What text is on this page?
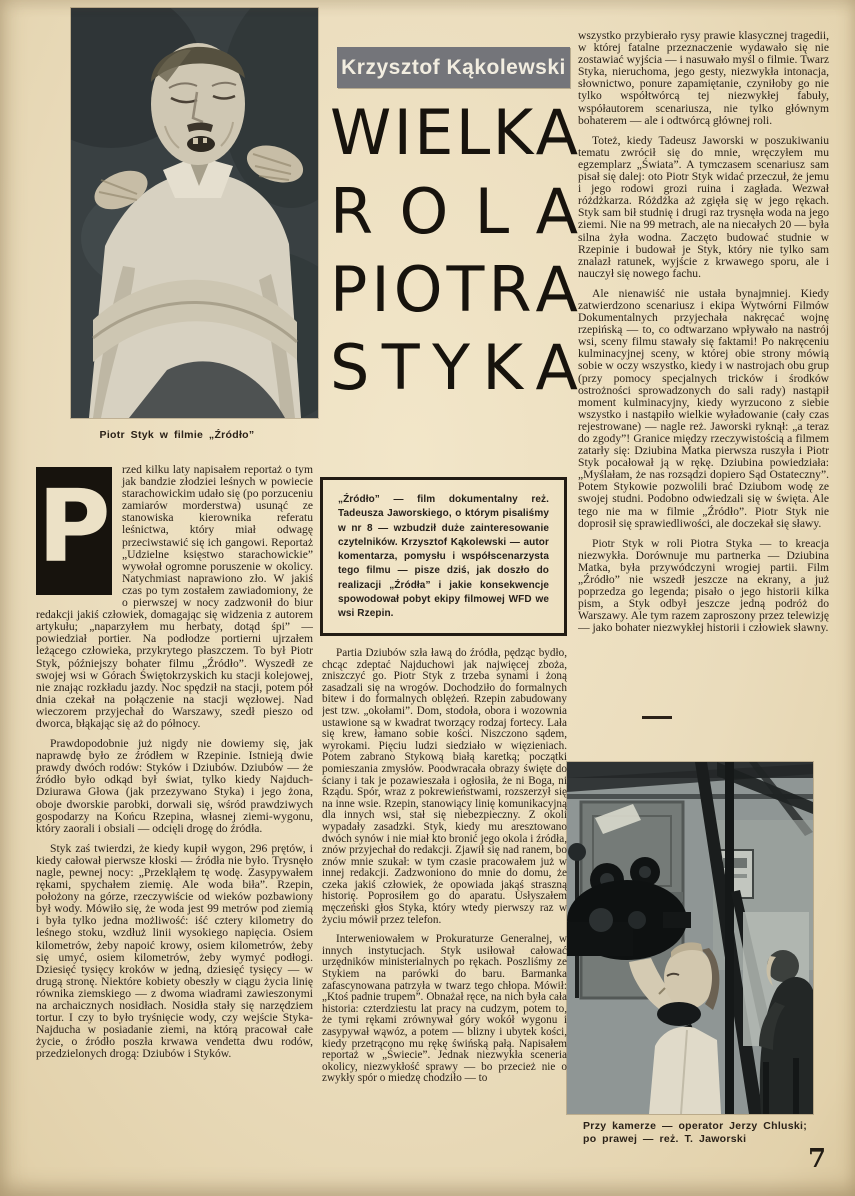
Piotr Styk w filmie „Źródło”
Krzysztof Kąkolewski
W I E L K A
R O L A
P I O T R A
S T Y K A

P rzed kilku laty napisałem reportaż o tym jak bandzie złodziei leśnych w powiecie starachowickim udało się (po porzuceniu zamiarów morderstwa) usunąć ze stanowiska kierownika referatu leśnictwa, który miał odwagę przeciwstawić się ich gangowi. Reportaż „Udzielne księstwo starachowickie” wywołał ogromne poruszenie w okolicy. Natychmiast naprawiono zło. W jakiś czas po tym zostałem zawiadomiony, że o pierwszej w nocy zadzwonił do biur redakcji jakiś człowiek, domagając się widzenia z autorem artykułu; „naparzyłem mu herbaty, dotąd śpi” — powiedział portier. Na podłodze portierni ujrzałem leżącego człowieka, przykrytego płaszczem. To był Piotr Styk, późniejszy bohater filmu „Źródło”. Wyszedł ze swojej wsi w Górach Świętokrzyskich ku stacji kolejowej, nie znając rozkładu jazdy. Noc spędził na stacji, potem pół dnia czekał na połączenie na stacji węzłowej. Nad wieczorem przyjechał do Warszawy, szedł pieszo od dworca, błąkając się aż do północy.

Prawdopodobnie już nigdy nie dowiemy się, jak naprawdę było ze źródłem w Rzepinie. Istnieją dwie prawdy dwóch rodów: Styków i Dziubów. Dziubów — że źródło było odkąd był świat, tylko kiedy Najduch-Dziurawa Głowa (jak przezywano Styka) i jego żona, oboje dworskie parobki, dorwali się, wśród prawdziwych gospodarzy na Końcu Rzepina, własnej ziemi-wygonu, który zaorali i obsiali — odcięli drogę do źródła.

Styk zaś twierdzi, że kiedy kupił wygon, 296 prętów, i kiedy całował pierwsze kłoski — źródła nie było. Trysnęło nagle, pewnej nocy: „Przekląłem tę wodę. Zasypywałem rękami, spychałem ziemię. Ale woda biła”. Rzepin, położony na górze, rzeczywiście od wieków pozbawiony był wody. Mówiło się, że woda jest 99 metrów pod ziemią i była tylko jedna możliwość: iść cztery kilometry do leśnego stoku, wzdłuż linii wysokiego napięcia. Osiem kilometrów, żeby napoić krowy, osiem kilometrów, żeby się umyć, osiem kilometrów, żeby wymyć podłogi. Dziesięć tysięcy kroków w jedną, dziesięć tysięcy — w drugą stronę. Niektóre kobiety obeszły w ciągu życia linię równika ziemskiego — z dwoma wiadrami zawieszonymi na archaicznych nosidłach. Nosidła stały się narzędziem tortur. I czy to było tryśnięcie wody, czy wejście Styka-Najducha w posiadanie ziemi, na którą pracował całe życie, o źródło poszła krwawa vendetta dwu rodów, przedzielonych drogą: Dziubów i Styków.

„Źródło” — film dokumentalny reż. Tadeusza Jaworskiego, o którym pisaliśmy w nr 8 — wzbudził duże zainteresowanie czytelników. Krzysztof Kąkolewski — autor komentarza, pomysłu i współscenarzysta tego filmu — pisze dziś, jak doszło do realizacji „Źródła” i jakie konsekwencje spowodował pobyt ekipy filmowej WFD we wsi Rzepin.

Partia Dziubów szła ławą do źródła, pędząc bydło, chcąc zdeptać Najduchowi jak najwięcej zboża, zniszczyć go. Piotr Styk z trzeba synami i żoną zasadzali się na wrogów. Dochodziło do formalnych bitew i do formalnych oblężeń. Rzepin zabudowany jest tzw. „okołami”. Dom, stodoła, obora i wozownia ustawione są w kwadrat tworzący rodzaj fortecy. Lała się krew, łamano sobie kości. Niszczono sądem, wyrokami. Pięciu ludzi siedziało w więzieniach. Potem zabrano Stykową białą karetką; początki pomieszania zmysłów. Poodwracała obrazy święte do ściany i tak je pozawieszała i ogłosiła, że ni Boga, ni Rządu. Spór, wraz z pokrewieństwami, rozszerzył się na inne wsie. Rzepin, stanowiący linię komunikacyjną dla innych wsi, stał się niebezpieczny. Z okoli wypadały zasadzki. Styk, kiedy mu aresztowano dwóch synów i nie miał kto bronić jego okola i źródła, znów przyjechał do redakcji. Zjawił się nad ranem, bo znów mnie szukał: w tym czasie pracowałem już w innej redakcji. Zadzwoniono do mnie do domu, że czeka jakiś człowiek, że opowiada jakąś straszną historię. Poprosiłem go do aparatu. Usłyszałem męczeński głos Styka, który wtedy pierwszy raz w życiu mówił przez telefon.

Interweniowałem w Prokuraturze Generalnej, w innych instytucjach. Styk usiłował całować urzędników ministerialnych po rękach. Poszliśmy ze Stykiem na parówki do baru. Barmanka zafascynowana patrzyła w twarz tego chłopa. Mówił: „Ktoś padnie trupem”. Obnażał ręce, na nich była cała historia: czterdziestu lat pracy na cudzym, potem to, że tymi rękami zrównywał góry wokół wygonu i zasypywał wąwóz, a potem — blizny i ubytek kości, kiedy przetrącono mu rękę świńską pałą. Napisałem reportaż w „Świecie”. Jednak niezwykła sceneria okolicy, niezwykłość sprawy — bo przecież nie o zwykły spór o miedzę chodziło — to

wszystko przybierało rysy prawie klasycznej tragedii, w której fatalne przeznaczenie wydawało się nie zostawiać wyjścia — i nasuwało myśl o filmie. Twarz Styka, nieruchoma, jego gesty, niezwykła intonacja, słownictwo, ponure zapamiętanie, czyniłoby go nie tylko współtwórcą tej niezwykłej fabuły, współautorem scenariusza, nie tylko głównym bohaterem — ale i odtwórcą głównej roli.

Toteż, kiedy Tadeusz Jaworski w poszukiwaniu tematu zwrócił się do mnie, wręczyłem mu egzemplarz „Świata”. A tymczasem scenariusz sam pisał się dalej: oto Piotr Styk widać przeczuł, że jemu i jego rodowi grozi ruina i zagłada. Wezwał różdżkarza. Różdżka aż zgięła się w jego rękach. Styk sam bił studnię i drugi raz trysnęła woda na jego ziemi. Nie na 99 metrach, ale na niecałych 20 — była silna żyła wodna. Zaczęto budować studnie w Rzepinie i budował je Styk, który nie tylko sam znalazł ratunek, wyjście z krwawego sporu, ale i nauczył się nowego fachu.

Ale nienawiść nie ustała bynajmniej. Kiedy zatwierdzono scenariusz i ekipa Wytwórni Filmów Dokumentalnych przyjechała nakręcać wojnę rzepińską — to, co odtwarzano wpływało na nastrój wsi, sceny filmu stawały się faktami! Po nakręceniu kulminacyjnej sceny, w której obie strony mówią sobie w oczy wszystko, kiedy i w nastrojach obu grup (przy pomocy specjalnych tricków i środków ostrożności sprowadzonych do sali rady) nastąpił moment kulminacyjny, kiedy wyrzucono z siebie wszystko i nastąpiło wielkie wyładowanie (cały czas rejestrowane) — nagle reż. Jaworski ryknął: „a teraz do zgody”! Granice między rzeczywistością a filmem zatarły się: Dziubina Matka pierwsza ruszyła i Piotr Styk pocałował ją w rękę. Dziubina powiedziała: „Myślałam, że nas rozsądzi dopiero Sąd Ostateczny”. Potem Stykowie pozwolili brać Dziubom wodę ze swojej studni. Podobno odwiedzali się w święta. Ale tego nie ma w filmie „Źródło”. Piotr Styk nie doprosił się sprawiedliwości, ale doczekał się sławy.

Piotr Styk w roli Piotra Styka — to kreacja niezwykła. Dorównuje mu partnerka — Dziubina Matka, była przywódczyni wrogiej partii. Film „Źródło” nie wszedł jeszcze na ekrany, a już poprzedza go legenda; pisało o jego historii kilka pism, a Styk odbył jeszcze jedną podróż do Warszawy. Ale tym razem zaproszony przez telewizję — jako bohater niezwykłej historii i człowiek sławny.

Przy kamerze — operator Jerzy Chluski; po prawej — reż. T. Jaworski
7
